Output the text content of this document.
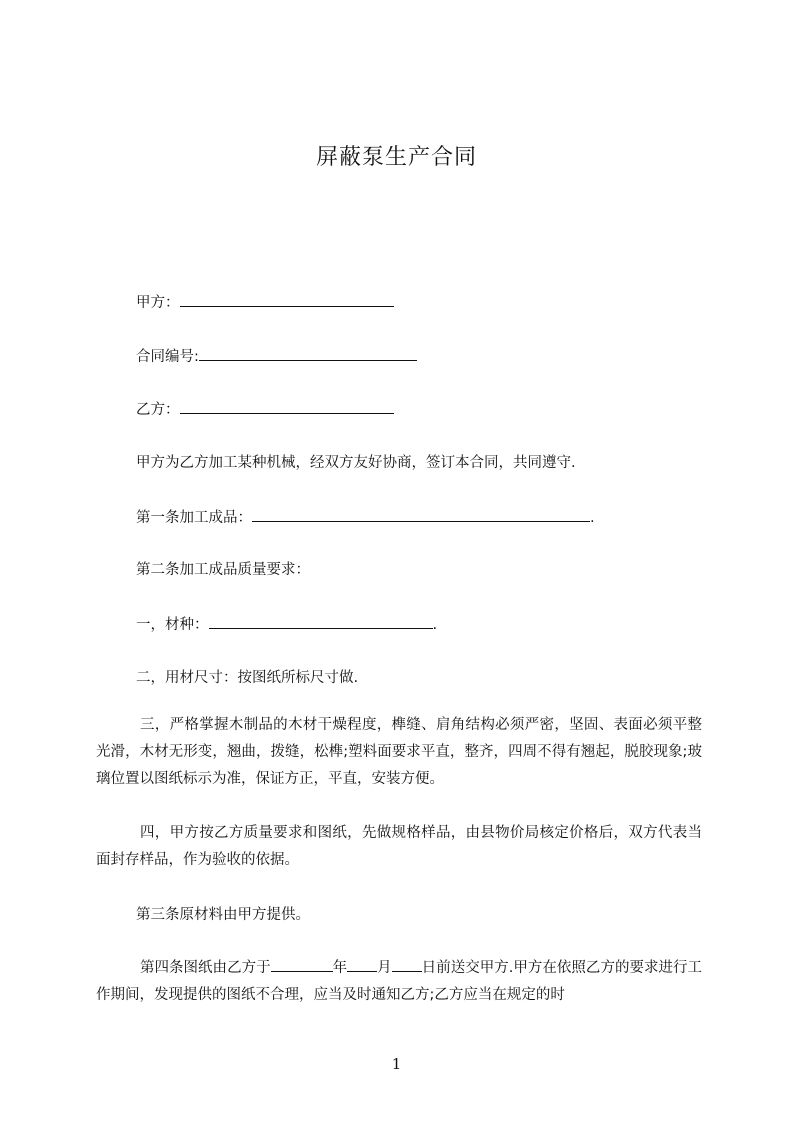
屏蔽泵生产合同
甲方：
合同编号:
乙方：
甲方为乙方加工某种机械，经双方友好协商，签订本合同，共同遵守.
第一条加工成品：	.
第二条加工成品质量要求：
一，材种：	.
二，用材尺寸：按图纸所标尺寸做.
三，严格掌握木制品的木材干燥程度，榫缝、肩角结构必须严密，坚固、表面必须平整光滑，木材无形变，翘曲，拨缝，松榫;塑料面要求平直，整齐，四周不得有翘起，脱胶现象;玻璃位置以图纸标示为准，保证方正，平直，安装方便。
四，甲方按乙方质量要求和图纸，先做规格样品，由县物价局核定价格后，双方代表当面封存样品，作为验收的依据。
第三条原材料由甲方提供。
第四条图纸由乙方于	年 月 日前送交甲方.甲方在依照乙方的要求进行工作期间，发现提供的图纸不合理，应当及时通知乙方;乙方应当在规定的时
1
